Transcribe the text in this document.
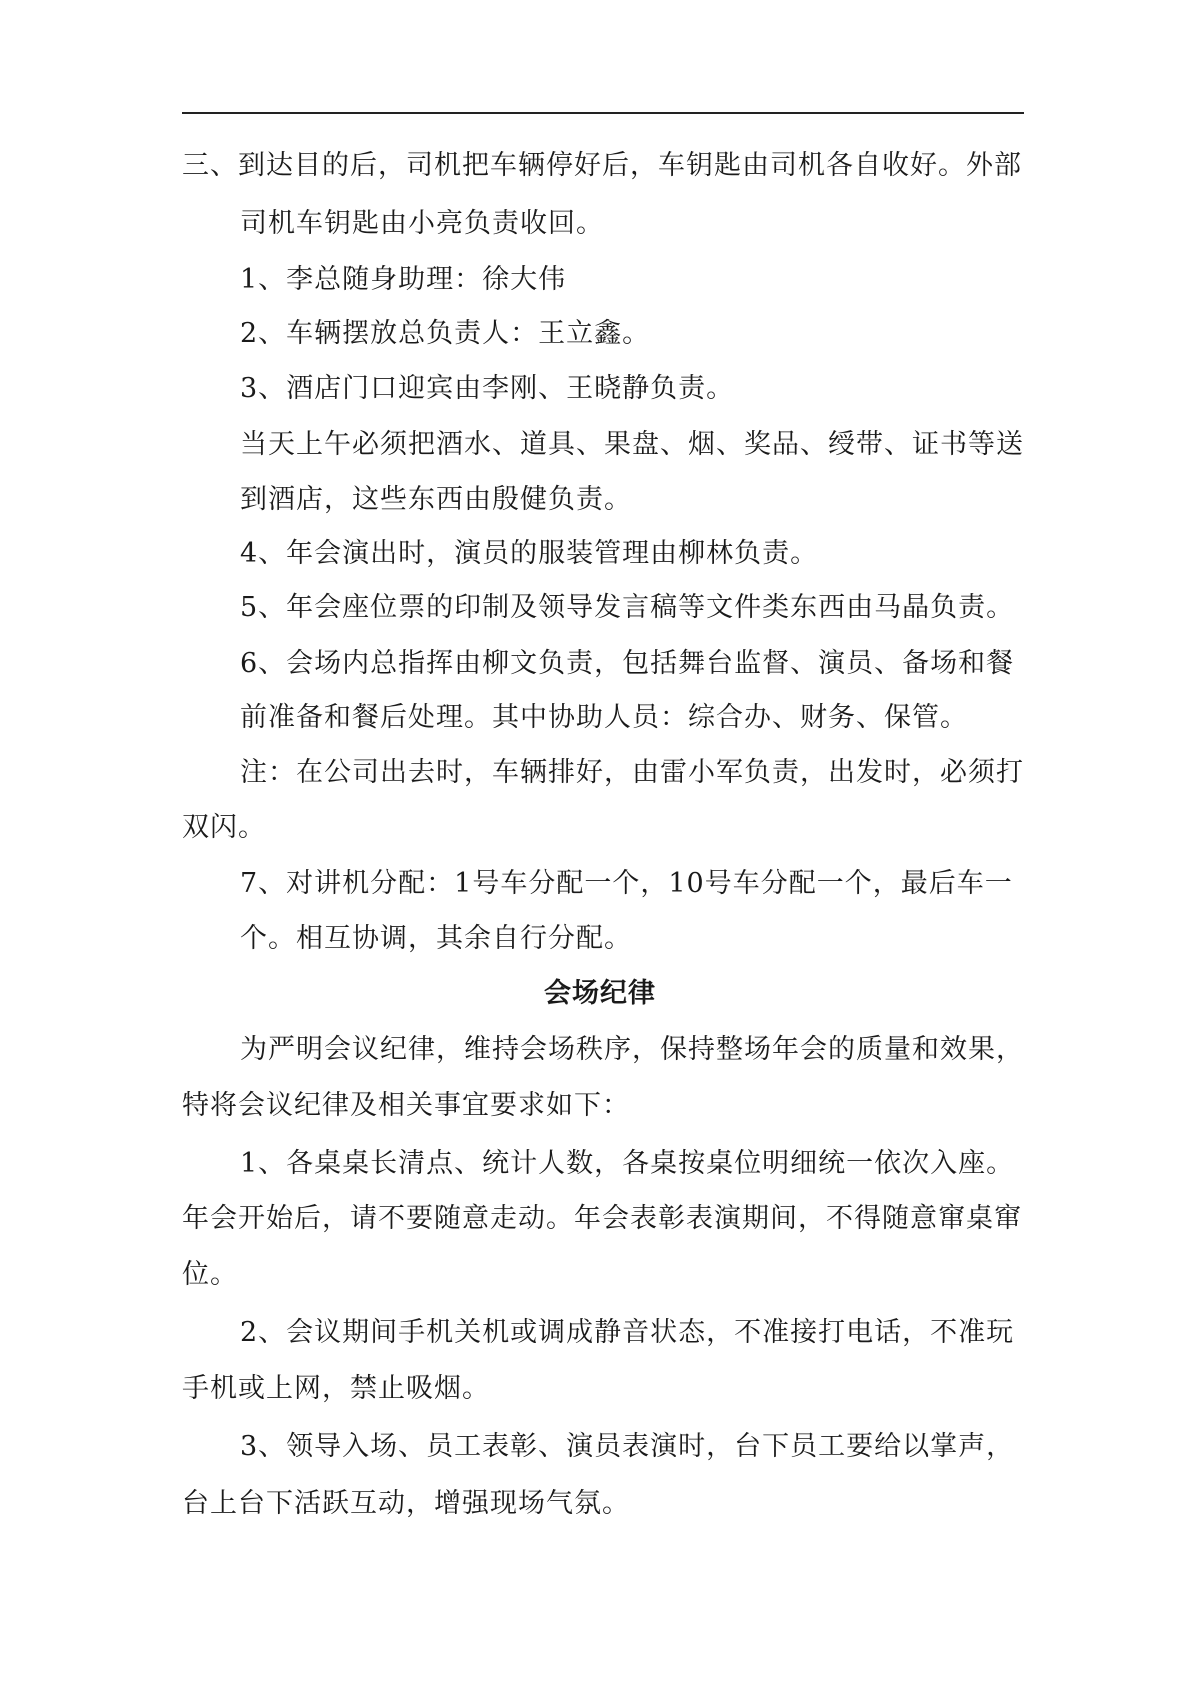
三、到达目的后，司机把车辆停好后，车钥匙由司机各自收好。外部
司机车钥匙由小亮负责收回。
1、李总随身助理：徐大伟
2、车辆摆放总负责人：王立鑫。
3、酒店门口迎宾由李刚、王晓静负责。
当天上午必须把酒水、道具、果盘、烟、奖品、绶带、证书等送
到酒店，这些东西由殷健负责。
4、年会演出时，演员的服装管理由柳林负责。
5、年会座位票的印制及领导发言稿等文件类东西由马晶负责。
6、会场内总指挥由柳文负责，包括舞台监督、演员、备场和餐
前准备和餐后处理。其中协助人员：综合办、财务、保管。
注：在公司出去时，车辆排好，由雷小军负责，出发时，必须打
双闪。
7、对讲机分配：1号车分配一个，10号车分配一个，最后车一
个。相互协调，其余自行分配。
会场纪律
为严明会议纪律，维持会场秩序，保持整场年会的质量和效果，
特将会议纪律及相关事宜要求如下：
1、各桌桌长清点、统计人数，各桌按桌位明细统一依次入座。
年会开始后，请不要随意走动。年会表彰表演期间，不得随意窜桌窜
位。
2、会议期间手机关机或调成静音状态，不准接打电话，不准玩
手机或上网，禁止吸烟。
3、领导入场、员工表彰、演员表演时，台下员工要给以掌声，
台上台下活跃互动，增强现场气氛。
